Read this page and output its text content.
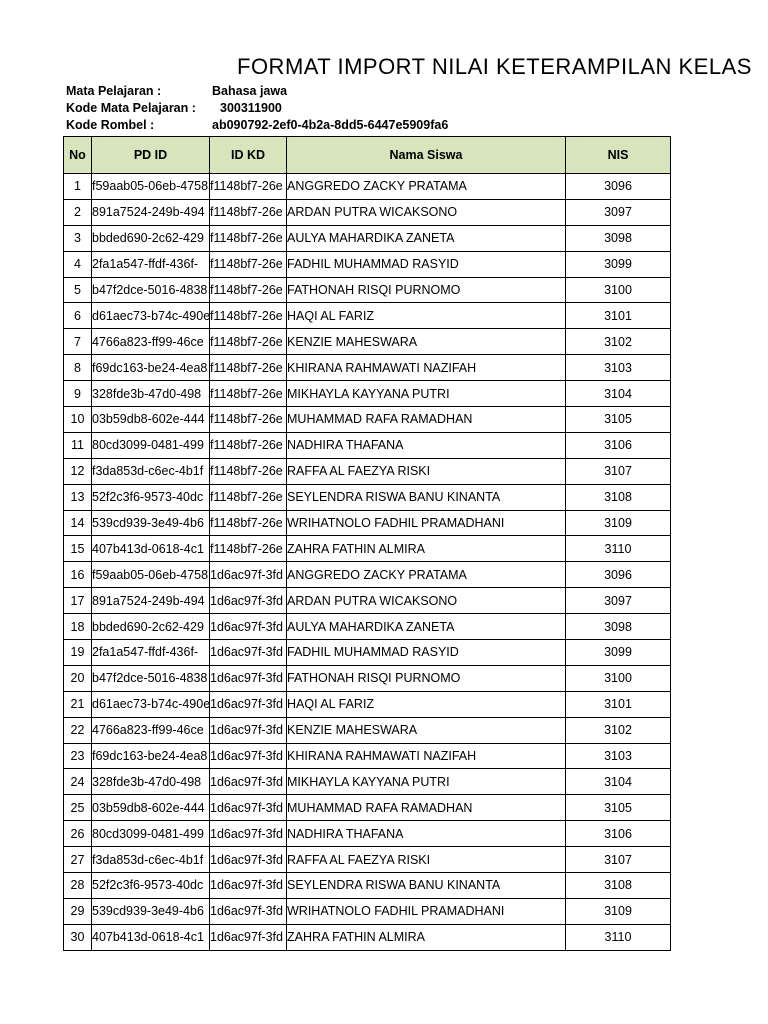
FORMAT IMPORT NILAI KETERAMPILAN KELAS
Mata Pelajaran :	Bahasa jawa
Kode Mata Pelajaran : 300311900
Kode Rombel :	ab090792-2ef0-4b2a-8dd5-6447e5909fa6
No	PD ID	ID KD	Nama Siswa	NIS

1	f59aab05-06eb-4758	f1148bf7-26e	ANGGREDO ZACKY PRATAMA	3096

2	891a7524-249b-494	f1148bf7-26e	ARDAN PUTRA WICAKSONO	3097

3	bbded690-2c62-429	f1148bf7-26e	AULYA MAHARDIKA ZANETA	3098

4	2fa1a547-ffdf-436f-	f1148bf7-26e	FADHIL MUHAMMAD RASYID	3099

5	b47f2dce-5016-4838	f1148bf7-26e	FATHONAH RISQI PURNOMO	3100

6	d61aec73-b74c-490e	f1148bf7-26e	HAQI AL FARIZ	3101

7	4766a823-ff99-46ce	f1148bf7-26e	KENZIE MAHESWARA	3102

8	f69dc163-be24-4ea8	f1148bf7-26e	KHIRANA RAHMAWATI NAZIFAH	3103

9	328fde3b-47d0-498	f1148bf7-26e	MIKHAYLA KAYYANA PUTRI	3104

10	03b59db8-602e-444	f1148bf7-26e	MUHAMMAD RAFA RAMADHAN	3105

11	80cd3099-0481-499	f1148bf7-26e	NADHIRA THAFANA	3106

12	f3da853d-c6ec-4b1f	f1148bf7-26e	RAFFA AL FAEZYA RISKI	3107

13	52f2c3f6-9573-40dc	f1148bf7-26e	SEYLENDRA RISWA BANU KINANTA	3108

14	539cd939-3e49-4b6	f1148bf7-26e	WRIHATNOLO FADHIL PRAMADHANI	3109

15	407b413d-0618-4c1	f1148bf7-26e	ZAHRA FATHIN ALMIRA	3110

16	f59aab05-06eb-4758	1d6ac97f-3fd	ANGGREDO ZACKY PRATAMA	3096

17	891a7524-249b-494	1d6ac97f-3fd	ARDAN PUTRA WICAKSONO	3097

18	bbded690-2c62-429	1d6ac97f-3fd	AULYA MAHARDIKA ZANETA	3098

19	2fa1a547-ffdf-436f-	1d6ac97f-3fd	FADHIL MUHAMMAD RASYID	3099

20	b47f2dce-5016-4838	1d6ac97f-3fd	FATHONAH RISQI PURNOMO	3100

21	d61aec73-b74c-490e	1d6ac97f-3fd	HAQI AL FARIZ	3101

22	4766a823-ff99-46ce	1d6ac97f-3fd	KENZIE MAHESWARA	3102

23	f69dc163-be24-4ea8	1d6ac97f-3fd	KHIRANA RAHMAWATI NAZIFAH	3103

24	328fde3b-47d0-498	1d6ac97f-3fd	MIKHAYLA KAYYANA PUTRI	3104

25	03b59db8-602e-444	1d6ac97f-3fd	MUHAMMAD RAFA RAMADHAN	3105

26	80cd3099-0481-499	1d6ac97f-3fd	NADHIRA THAFANA	3106

27	f3da853d-c6ec-4b1f	1d6ac97f-3fd	RAFFA AL FAEZYA RISKI	3107

28	52f2c3f6-9573-40dc	1d6ac97f-3fd	SEYLENDRA RISWA BANU KINANTA	3108

29	539cd939-3e49-4b6	1d6ac97f-3fd	WRIHATNOLO FADHIL PRAMADHANI	3109

30	407b413d-0618-4c1	1d6ac97f-3fd	ZAHRA FATHIN ALMIRA	3110
